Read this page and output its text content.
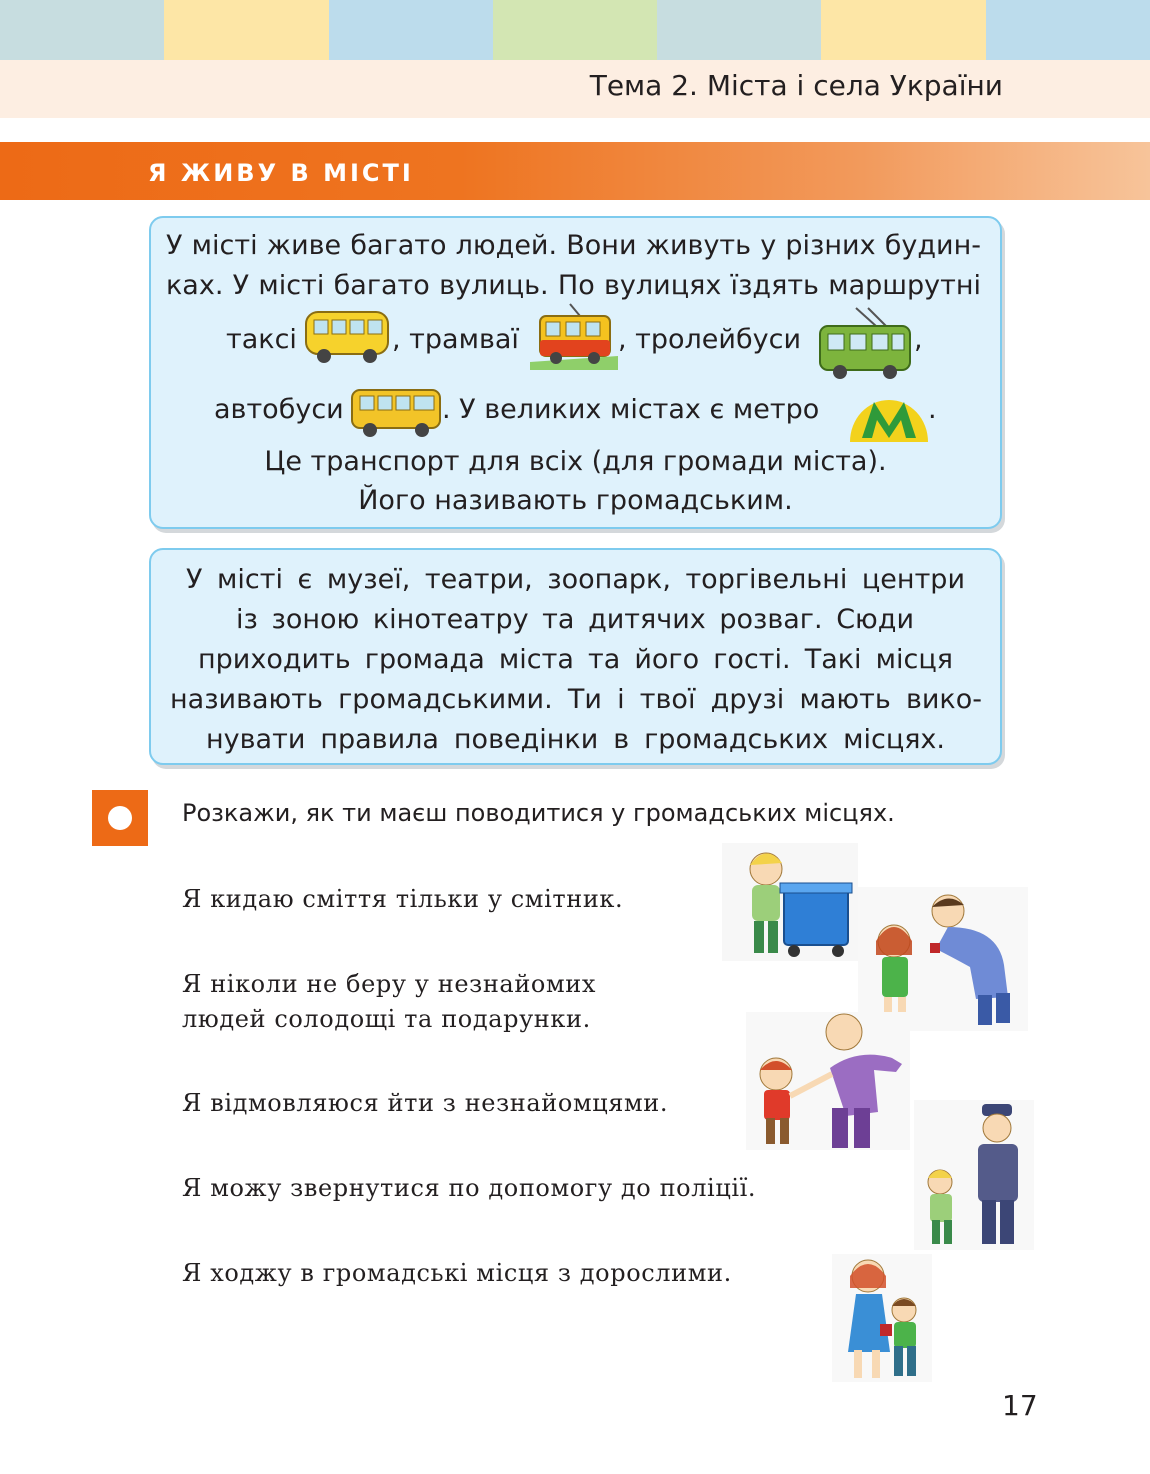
Тема 2. Міста і села України
Я ЖИВУ В МІСТІ
У місті живе багато людей. Вони живуть у різних будин-
ках. У місті багато вулиць. По вулицях їздять маршрутні
таксі	, трамваї	, тролейбуси	,
автобуси	. У великих містах є метро	.
Це транспорт для всіх (для громади міста).
Його називають громадським.
У місті є музеї, театри, зоопарк, торгівельні центри
із зоною кінотеатру та дитячих розваг. Сюди
приходить громада міста та його гості. Такі місця
називають громадськими. Ти і твої друзі мають вико-
нувати правила поведінки в громадських місцях.
Розкажи, як ти маєш поводитися у громадських місцях.
Я кидаю сміття тільки у смітник.
Я ніколи не беру у незнайомих
людей солодощі та подарунки.
Я відмовляюся йти з незнайомцями.
Я можу звернутися по допомогу до поліції.
Я ходжу в громадські місця з дорослими.
17
